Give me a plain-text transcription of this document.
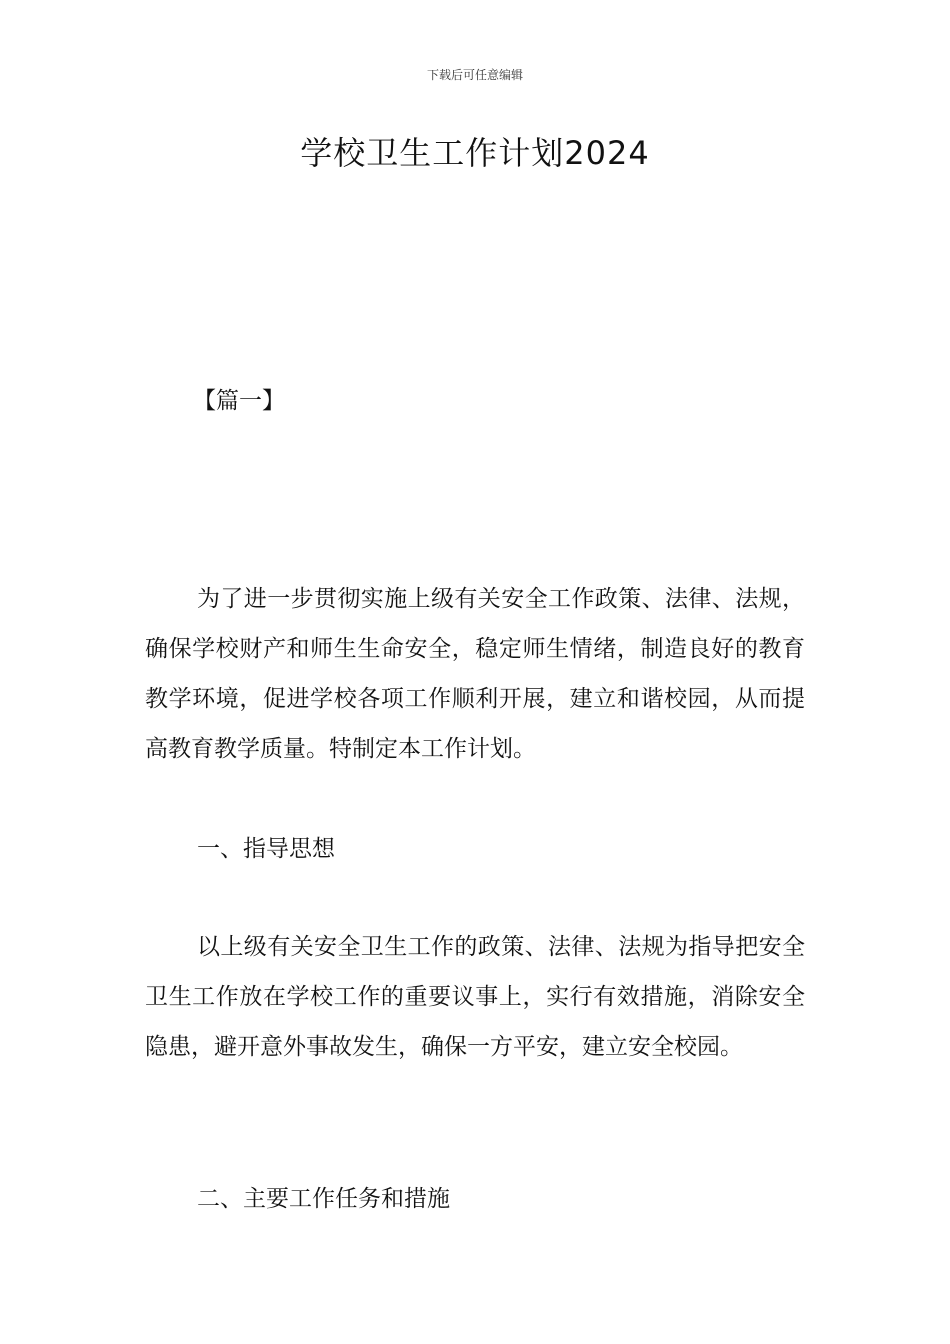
下载后可任意编辑
学校卫生工作计划2024
【篇一】

为了进一步贯彻实施上级有关安全工作政策、法律、法规，确保学校财产和师生生命安全，稳定师生情绪，制造良好的教育教学环境，促进学校各项工作顺利开展，建立和谐校园，从而提高教育教学质量。特制定本工作计划。

一、指导思想

以上级有关安全卫生工作的政策、法律、法规为指导把安全卫生工作放在学校工作的重要议事上，实行有效措施，消除安全隐患，避开意外事故发生，确保一方平安，建立安全校园。

二、主要工作任务和措施
